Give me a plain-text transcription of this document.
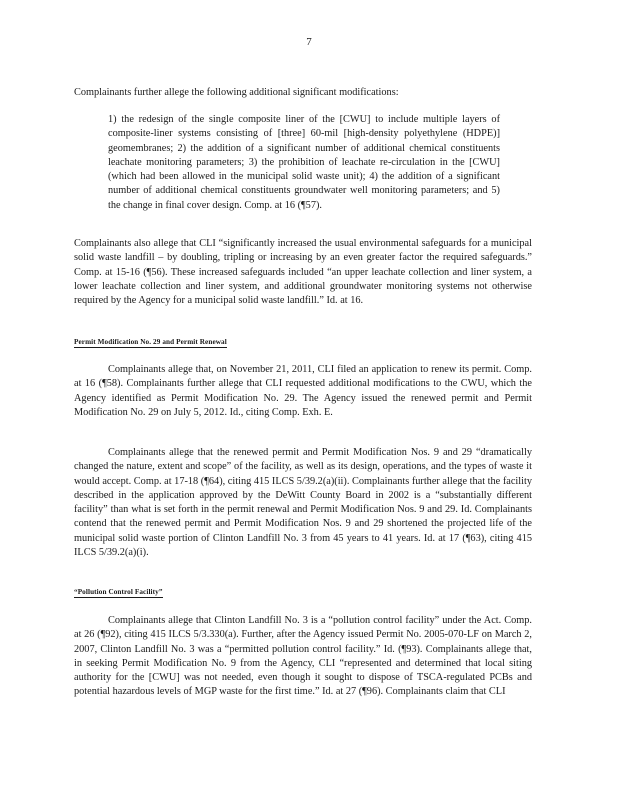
7
Complainants further allege the following additional significant modifications:
1) the redesign of the single composite liner of the [CWU] to include multiple layers of composite-liner systems consisting of [three] 60-mil [high-density polyethylene (HDPE)] geomembranes; 2) the addition of a significant number of additional chemical constituents leachate monitoring parameters; 3) the prohibition of leachate re-circulation in the [CWU] (which had been allowed in the municipal solid waste unit); 4) the addition of a significant number of additional chemical constituents groundwater well monitoring parameters; and 5) the change in final cover design. Comp. at 16 (¶57).
Complainants also allege that CLI “significantly increased the usual environmental safeguards for a municipal solid waste landfill – by doubling, tripling or increasing by an even greater factor the required safeguards.” Comp. at 15-16 (¶56). These increased safeguards included “an upper leachate collection and liner system, a lower leachate collection and liner system, and additional groundwater monitoring systems not otherwise required by the Agency for a municipal solid waste landfill.” Id. at 16.
Permit Modification No. 29 and Permit Renewal
Complainants allege that, on November 21, 2011, CLI filed an application to renew its permit. Comp. at 16 (¶58). Complainants further allege that CLI requested additional modifications to the CWU, which the Agency identified as Permit Modification No. 29. The Agency issued the renewed permit and Permit Modification No. 29 on July 5, 2012. Id., citing Comp. Exh. E.
Complainants allege that the renewed permit and Permit Modification Nos. 9 and 29 “dramatically changed the nature, extent and scope” of the facility, as well as its design, operations, and the types of waste it would accept. Comp. at 17-18 (¶64), citing 415 ILCS 5/39.2(a)(ii). Complainants further allege that the facility described in the application approved by the DeWitt County Board in 2002 is a “substantially different facility” than what is set forth in the permit renewal and Permit Modification Nos. 9 and 29. Id. Complainants contend that the renewed permit and Permit Modification Nos. 9 and 29 shortened the projected life of the municipal solid waste portion of Clinton Landfill No. 3 from 45 years to 41 years. Id. at 17 (¶63), citing 415 ILCS 5/39.2(a)(i).
“Pollution Control Facility”
Complainants allege that Clinton Landfill No. 3 is a “pollution control facility” under the Act. Comp. at 26 (¶92), citing 415 ILCS 5/3.330(a). Further, after the Agency issued Permit No. 2005-070-LF on March 2, 2007, Clinton Landfill No. 3 was a “permitted pollution control facility.” Id. (¶93). Complainants allege that, in seeking Permit Modification No. 9 from the Agency, CLI “represented and determined that local siting authority for the [CWU] was not needed, even though it sought to dispose of TSCA-regulated PCBs and potential hazardous levels of MGP waste for the first time.” Id. at 27 (¶96). Complainants claim that CLI
